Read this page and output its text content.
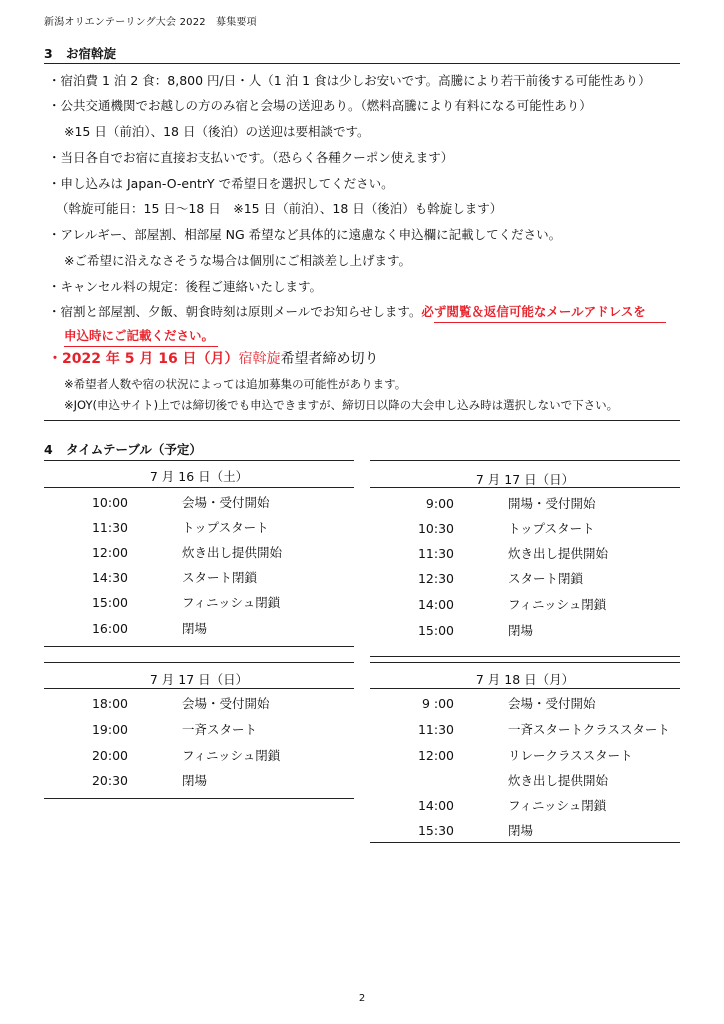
新潟オリエンテーリング大会 2022　募集要項
3 お宿斡旋
・宿泊費 1 泊 2 食：8,800 円/日・人（1 泊 1 食は少しお安いです。高騰により若干前後する可能性あり）
・公共交通機関でお越しの方のみ宿と会場の送迎あり。（燃料高騰により有料になる可能性あり）
※15 日（前泊）、18 日（後泊）の送迎は要相談です。
・当日各自でお宿に直接お支払いです。（恐らく各種クーポン使えます）
・申し込みは Japan-O-entrY で希望日を選択してください。
（斡旋可能日：15 日～18 日　※15 日（前泊）、18 日（後泊）も斡旋します）
・アレルギー、部屋割、相部屋 NG 希望など具体的に遠慮なく申込欄に記載してください。
※ご希望に沿えなさそうな場合は個別にご相談差し上げます。
・キャンセル料の規定：後程ご連絡いたします。
・宿割と部屋割、夕飯、朝食時刻は原則メールでお知らせします。必ず閲覧＆返信可能なメールアドレスを
申込時にご記載ください。
・2022 年 5 月 16 日（月）宿斡旋希望者締め切り
※希望者人数や宿の状況によっては追加募集の可能性があります。
※JOY(申込サイト)上では締切後でも申込できますが、締切日以降の大会申し込み時は選択しないで下さい。
4 タイムテーブル（予定）
7 月 16 日（土）
10:00	会場・受付開始
11:30	トップスタート
12:00	炊き出し提供開始
14:30	スタート閉鎖
15:00	フィニッシュ閉鎖
16:00	閉場
7 月 17 日（日）
9:00	開場・受付開始
10:30	トップスタート
11:30	炊き出し提供開始
12:30	スタート閉鎖
14:00	フィニッシュ閉鎖
15:00	閉場
7 月 17 日（日）
18:00	会場・受付開始
19:00	一斉スタート
20:00	フィニッシュ閉鎖
20:30	閉場
7 月 18 日（月）
9 :00	会場・受付開始
11:30	一斉スタートクラススタート
12:00	リレークラススタート
炊き出し提供開始
14:00	フィニッシュ閉鎖
15:30	閉場
2
